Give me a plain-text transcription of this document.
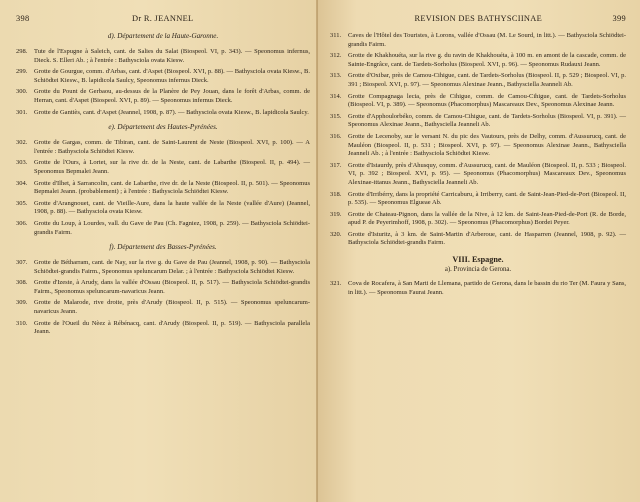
398	Dr R. JEANNEL
d). Département de la Haute-Garonne.
298.	Tute de l'Espugne à Saleich, cant. de Salies du Salat (Biospeol. VI, p. 343). — Speonomus infernus, Dieck. S. Elleri Ab. ; à l'entrée : Bathysciola ovata Kiesw.
299.	Grotte de Gourgue, comm. d'Arbas, cant. d'Aspet (Biospeol. XVI, p. 88). — Bathysciola ovata Kiesw., B. Schiödtei Kiesw., B. lapidicola Saulcy, Speonomus infernus Dieck.
300.	Grotte du Pount de Gerbaou, au-dessus de la Planère de Pey Jouan, dans le forêt d'Arbas, comm. de Herran, cant. d'Aspet (Biospeol. XVI, p. 89). — Speonomus infernus Dieck.
301.	Grotte de Gantiès, cant. d'Aspet (Jeannel, 1908, p. 87). — Bathysciola ovata Kiesw., B. lapidicola Saulcy.
e). Département des Hautes-Pyrénées.
302.	Grotte de Gargas, comm. de Tibiran, cant. de Saint-Laurent de Neste (Biospeol. XVI, p. 100). — A l'entrée : Bathysciola Schiödtei Kiesw.
303.	Grotte de l'Ours, à Lortet, sur la rive dr. de la Neste, cant. de Labarthe (Biospeol. II, p. 494). — Speonomus Bepmalei Jeann.
304.	Grotte d'Ilhet, à Sarrancolin, cant. de Labarthe, rive dr. de la Neste (Biospeol. II, p. 501). — Speonomus Bepmalei Jeann. (probablement) ; à l'entrée : Bathysciola Schiödtei Kiesw.
305.	Grotte d'Arangnouet, cant. de Vieille-Aure, dans la haute vallée de la Neste (vallée d'Aure) (Jeannel, 1908, p. 88). — Bathysciola ovata Kiesw.
306.	Grotte du Loup, à Lourdes, vall. du Gave de Pau (Ch. Fagniez, 1908, p. 259). — Bathysciola Schiödtei-grandis Fairm.
f). Département des Basses-Pyrénées.
307.	Grotte de Bétharram, cant. de Nay, sur la rive g. du Gave de Pau (Jeannel, 1908, p. 90). — Bathysciola Schiödtei-grandis Fairm., Speonomus speluncarum Delar. ; à l'entrée : Bathysciola Schiödtei Kiesw.
308.	Grotte d'Izeste, à Arudy, dans la vallée d'Ossau (Biospeol. II, p. 517). — Bathysciola Schiödtei-grandis Fairm., Speonomus speluncarum-navaricus Jeann.
309.	Grotte de Malarode, rive droite, près d'Arudy (Biospeol. II, p. 515). — Speonomus speluncarum-navaricus Jeann.
310.	Grotte de l'Oueil du Nèez à Rébénacq, cant. d'Arudy (Biospeol. II, p. 519). — Bathysciola parallela Jeann.
REVISION DES BATHYSCIINAE	399
311.	Caves de l'Hôtel des Touristes, à Lorons, vallée d'Ossau (M. Le Sourd, in litt.). — Bathysciola Schiödtei-grandis Fairm.
312.	Grotte de Khakhouéta, sur la rive g. du ravin de Khakhouéta, à 100 m. en amont de la cascade, comm. de Sainte-Engrâce, cant. de Tardets-Sorholus (Biospeol. XVI, p. 96). — Speonomus Rudauxi Jeann.
313.	Grotte d'Oxibar, près de Camou-Cihigue, cant. de Tardets-Sorholus (Biospeol. II, p. 529 ; Biospeol. VI, p. 391 ; Biospeol. XVI, p. 97). — Speonomus Alexinae Jeann., Bathysciella Jeanneli Ab.
314.	Grotte Compagnaga lecia, près de Cihigue, comm. de Camou-Cihigue, cant. de Tardets-Sorholus (Biospeol. VI, p. 389). — Speonomus (Phacomorphus) Mascareaux Dev., Speonomus Alexinae Jeann.
315.	Grotte d'Apphoulorbéko, comm. de Camou-Cihigue, cant. de Tardets-Sorholus (Biospeol. VI, p. 391). — Speonomus Alexinae Jeann., Bathysciella Jeanneli Ab.
316.	Grotte de Lecenoby, sur le versant N. du pic des Vautours, près de Delhy, comm. d'Aussurucq, cant. de Mauléon (Biospeol. II, p. 531 ; Biospeol. XVI, p. 97). — Speonomus Alexinae Jeann., Bathysciella Jeanneli Ab. ; à l'entrée : Bathysciola Schiödtei Kiesw.
317.	Grotte d'Istaurdy, près d'Ahusquy, comm. d'Aussurucq, cant. de Mauléon (Biospeol. II, p. 533 ; Biospeol. VI, p. 392 ; Biospeol. XVI, p. 95). — Speonomus (Phacomorphus) Mascareaux Dev., Speonomus Alexinae-ittanus Jeann., Bathysciella Jeanneli Ab.
318.	Grotte d'Irribérry, dans la propriété Carricaburu, à Irriberry, cant. de Saint-Jean-Pied-de-Port (Biospeol. II, p. 535). — Speonomus Elgueae Ab.
319.	Grotte de Chateau-Pignon, dans la vallée de la Nive, à 12 km. de Saint-Jean-Pied-de-Port (R. de Borde, apud P. de Peyerimhoff, 1908, p. 302). — Speonomus (Phacomorphus) Bordei Peyer.
320.	Grotte d'Isturitz, à 3 km. de Saint-Martin d'Arberoue, cant. de Hasparren (Jeannel, 1908, p. 92). — Bathysciola Schiödtei-grandis Fairm.
VIII. Espagne.
a). Provincia de Gerona.
321.	Cova de Rocafera, à San Marti de Llemana, partido de Gerona, dans le bassin du rio Ter (M. Faura y Sans, in litt.). — Speonomus Faurai Jeann.
